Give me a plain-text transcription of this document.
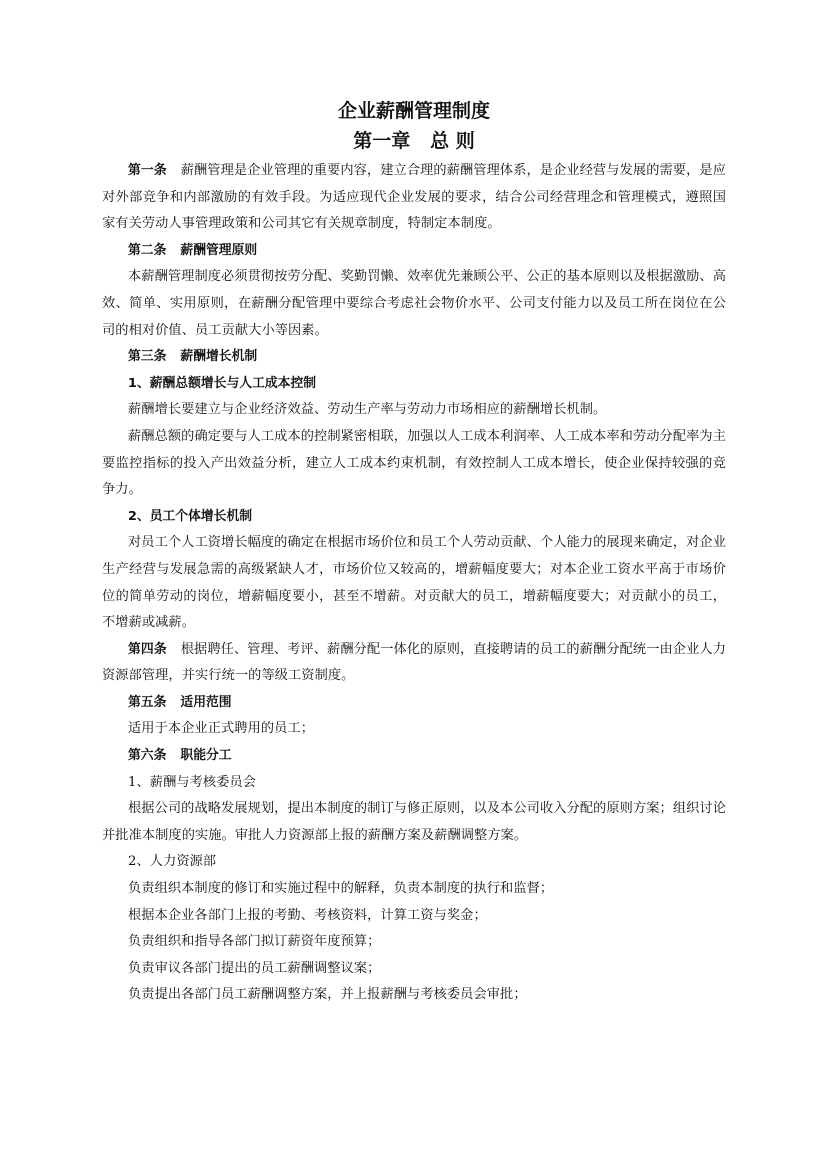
企业薪酬管理制度
第一章   总 则

第一条 薪酬管理是企业管理的重要内容，建立合理的薪酬管理体系，是企业经营与发展的需要，是应对外部竞争和内部激励的有效手段。为适应现代企业发展的要求，结合公司经营理念和管理模式，遵照国家有关劳动人事管理政策和公司其它有关规章制度，特制定本制度。

第二条 薪酬管理原则

本薪酬管理制度必须贯彻按劳分配、奖勤罚懒、效率优先兼顾公平、公正的基本原则以及根据激励、高效、简单、实用原则，在薪酬分配管理中要综合考虑社会物价水平、公司支付能力以及员工所在岗位在公司的相对价值、员工贡献大小等因素。

第三条 薪酬增长机制

1、薪酬总额增长与人工成本控制

薪酬增长要建立与企业经济效益、劳动生产率与劳动力市场相应的薪酬增长机制。

薪酬总额的确定要与人工成本的控制紧密相联，加强以人工成本利润率、人工成本率和劳动分配率为主要监控指标的投入产出效益分析，建立人工成本约束机制，有效控制人工成本增长，使企业保持较强的竞争力。

2、员工个体增长机制

对员工个人工资增长幅度的确定在根据市场价位和员工个人劳动贡献、个人能力的展现来确定，对企业生产经营与发展急需的高级紧缺人才，市场价位又较高的，增薪幅度要大；对本企业工资水平高于市场价位的简单劳动的岗位，增薪幅度要小，甚至不增薪。对贡献大的员工，增薪幅度要大；对贡献小的员工，不增薪或减薪。

第四条 根据聘任、管理、考评、薪酬分配一体化的原则，直接聘请的员工的薪酬分配统一由企业人力资源部管理，并实行统一的等级工资制度。

第五条 适用范围

适用于本企业正式聘用的员工；

第六条 职能分工

1、薪酬与考核委员会

根据公司的战略发展规划，提出本制度的制订与修正原则，以及本公司收入分配的原则方案；组织讨论并批准本制度的实施。审批人力资源部上报的薪酬方案及薪酬调整方案。

2、人力资源部

负责组织本制度的修订和实施过程中的解释，负责本制度的执行和监督；

根据本企业各部门上报的考勤、考核资料，计算工资与奖金；

负责组织和指导各部门拟订薪资年度预算；

负责审议各部门提出的员工薪酬调整议案；

负责提出各部门员工薪酬调整方案，并上报薪酬与考核委员会审批；
